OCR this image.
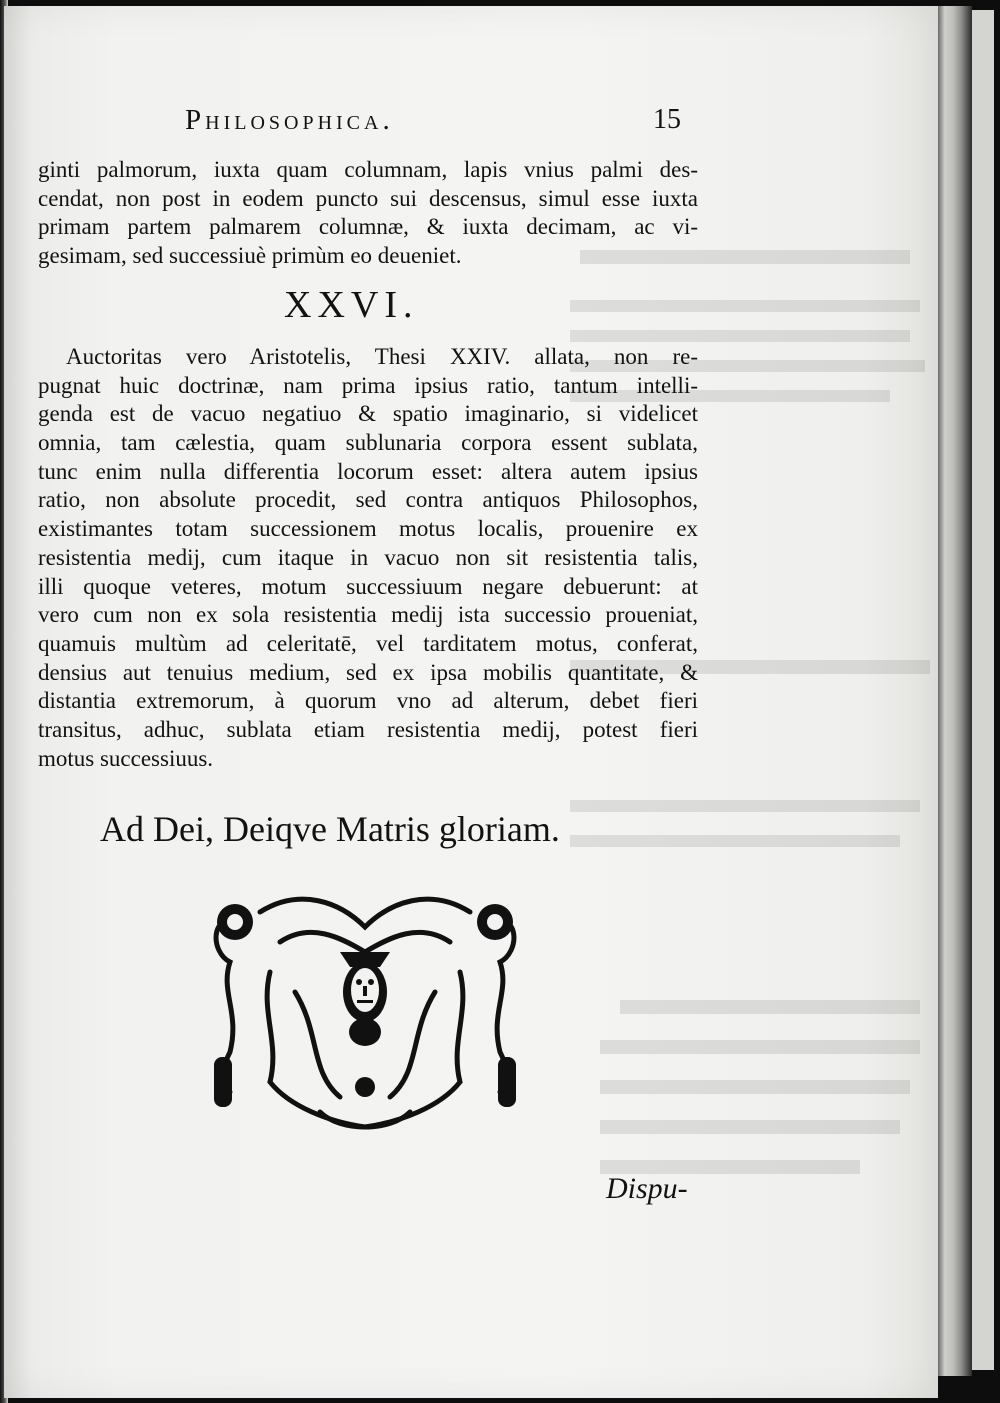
Philosophica.	15
ginti palmorum, iuxta quam columnam, lapis vnius palmi des-
cendat, non post in eodem puncto sui descensus, simul esse iuxta
primam partem palmarem columnæ, & iuxta decimam, ac vi-
gesimam, sed successiuè primùm eo deueniet.
XXVI.
Auctoritas vero Aristotelis, Thesi XXIV. allata, non re-
pugnat huic doctrinæ, nam prima ipsius ratio, tantum intelli-
genda est de vacuo negatiuo & spatio imaginario, si videlicet
omnia, tam cælestia, quam sublunaria corpora essent sublata,
tunc enim nulla differentia locorum esset: altera autem ipsius
ratio, non absolute procedit, sed contra antiquos Philosophos,
existimantes totam successionem motus localis, prouenire ex
resistentia medij, cum itaque in vacuo non sit resistentia talis,
illi quoque veteres, motum successiuum negare debuerunt: at
vero cum non ex sola resistentia medij ista successio proueniat,
quamuis multùm ad celeritatē, vel tarditatem motus, conferat,
densius aut tenuius medium, sed ex ipsa mobilis quantitate, &
distantia extremorum, à quorum vno ad alterum, debet fieri
transitus, adhuc, sublata etiam resistentia medij, potest fieri
motus successiuus.
Ad Dei, Deiqve Matris gloriam.
Dispu-
